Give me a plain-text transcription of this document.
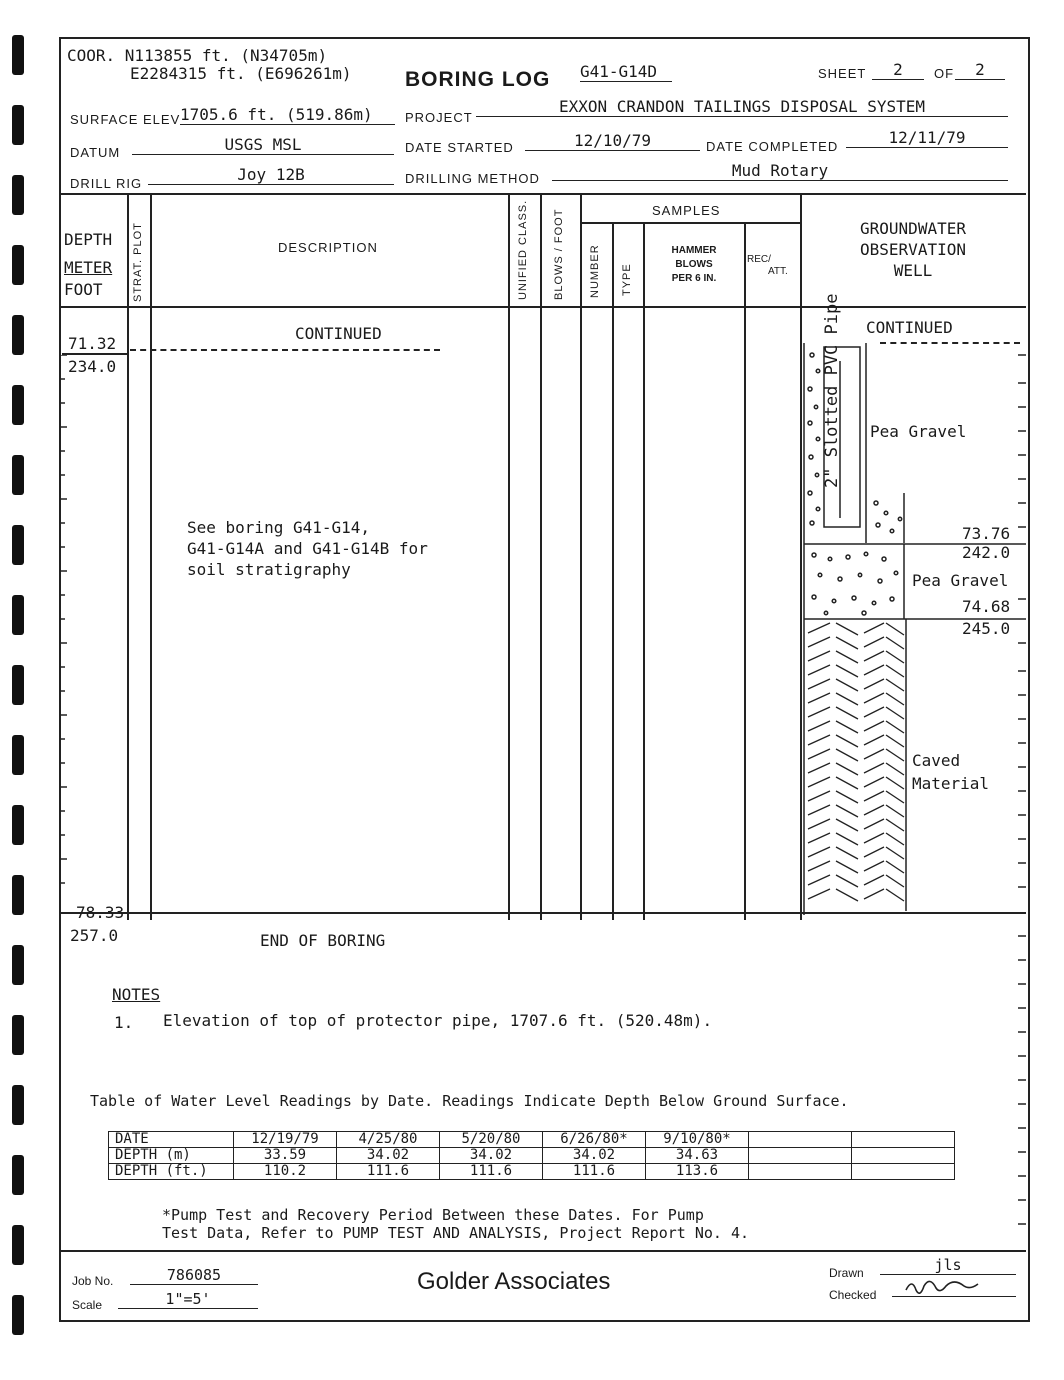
COOR. N113855 ft. (N34705m)
E2284315 ft. (E696261m)	BORING LOG G41-G14D	SHEET	2	OF	2
SURFACE ELEV 1705.6 ft. (519.86m)	PROJECT
EXXON CRANDON TAILINGS DISPOSAL SYSTEM
DATUM	USGS MSL	DATE STARTED	12/10/79	DATE COMPLETED	12/11/79
DRILL RIG	Joy 12B	DRILLING METHOD	Mud Rotary
DEPTH
METER
FOOT	STRAT. PLOT	DESCRIPTION	UNIFIED CLASS. BLOWS / FOOT	SAMPLES
NUMBER TYPE
HAMMER
BLOWS
PER 6 IN.
REC/
ATT.
GROUNDWATER
OBSERVATION
WELL
CONTINUED	CONTINUED
71.32
234.0
See boring G41-G14,
G41-G14A and G41-G14B for
soil stratigraphy
2" Slotted PVC Pipe Pea Gravel
73.76
242.0
Pea Gravel
74.68
245.0
Caved
Material
78.33
257.0	END OF BORING
NOTES
1. Elevation of top of protector pipe, 1707.6 ft. (520.48m).
Table of Water Level Readings by Date. Readings Indicate Depth Below Ground Surface.
DATE	12/19/79	4/25/80	5/20/80	6/26/80*	9/10/80*		
DEPTH (m)	33.59	34.02	34.02	34.02	34.63		
DEPTH (ft.)	110.2	111.6	111.6	111.6	113.6		
*Pump Test and Recovery Period Between these Dates. For Pump
Test Data, Refer to PUMP TEST AND ANALYSIS, Project Report No. 4.
Job No.	786085
Scale	1"=5'
Golder Associates	Drawn	jls
Checked
